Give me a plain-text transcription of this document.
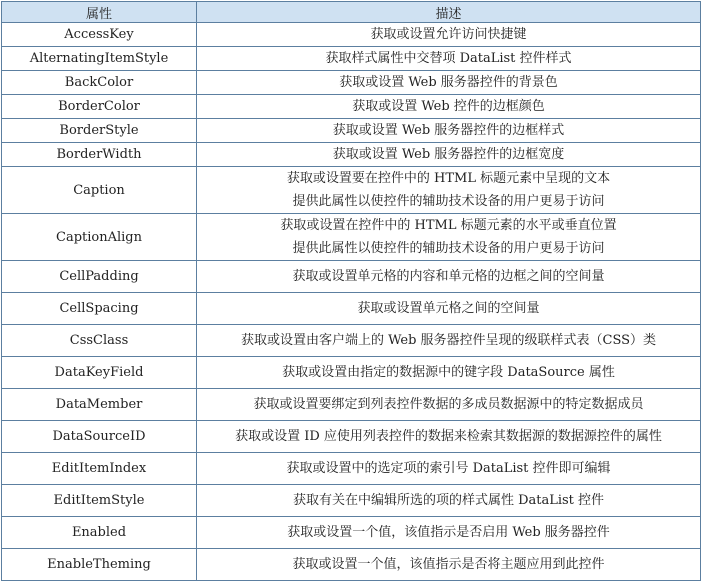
属性	描述
AccessKey	获取或设置允许访问快捷键

AlternatingItemStyle	获取样式属性中交替项 DataList 控件样式

BackColor	获取或设置 Web 服务器控件的背景色

BorderColor	获取或设置 Web 控件的边框颜色

BorderStyle	获取或设置 Web 服务器控件的边框样式

BorderWidth	获取或设置 Web 服务器控件的边框宽度

Caption	获取或设置要在控件中的 HTML 标题元素中呈现的文本
提供此属性以使控件的辅助技术设备的用户更易于访问

CaptionAlign	获取或设置在控件中的 HTML 标题元素的水平或垂直位置
提供此属性以使控件的辅助技术设备的用户更易于访问

CellPadding	获取或设置单元格的内容和单元格的边框之间的空间量

CellSpacing	获取或设置单元格之间的空间量

CssClass	获取或设置由客户端上的 Web 服务器控件呈现的级联样式表（CSS）类

DataKeyField	获取或设置由指定的数据源中的键字段 DataSource 属性

DataMember	获取或设置要绑定到列表控件数据的多成员数据源中的特定数据成员

DataSourceID	获取或设置 ID 应使用列表控件的数据来检索其数据源的数据源控件的属性

EditItemIndex	获取或设置中的选定项的索引号 DataList 控件即可编辑

EditItemStyle	获取有关在中编辑所选的项的样式属性 DataList 控件

Enabled	获取或设置一个值，该值指示是否启用 Web 服务器控件

EnableTheming	获取或设置一个值，该值指示是否将主题应用到此控件
